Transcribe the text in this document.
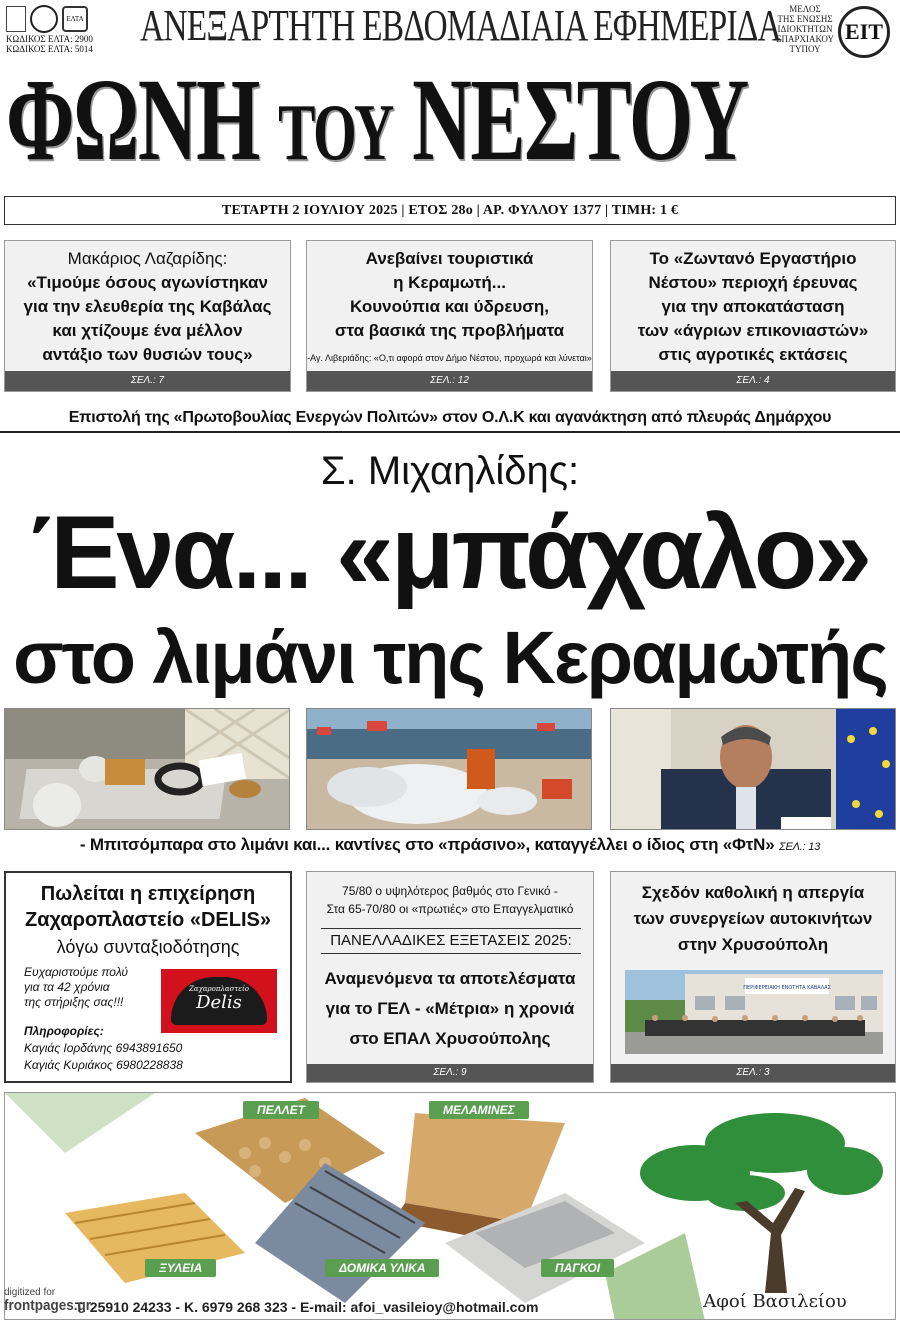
ΕΛΤΑ
ΚΩΔΙΚΟΣ ΕΛΤΑ: 2900
ΚΩΔΙΚΟΣ ΕΛΤΑ: 5014	ΑΝΕΞΑΡΤΗΤΗ ΕΒΔΟΜΑΔΙΑΙΑ ΕΦΗΜΕΡΙΔΑ ΜΕΛΟΣ
ΤΗΣ ΕΝΩΣΗΣ
ΙΔΙΟΚΤΗΤΩΝ
ΕΠΑΡΧΙΑΚΟΥ
ΤΥΠΟΥ
ΕΙΤ
ΦΩΝΗ ΤΟΥ ΝΕΣΤΟΥ
ΤΕΤΑΡΤΗ 2 ΙΟΥΛΙΟΥ 2025 | ΕΤΟΣ 28ο | ΑΡ. ΦΥΛΛΟΥ 1377 | ΤΙΜΗ: 1 €
Μακάριος Λαζαρίδης:
«Τιμούμε όσους αγωνίστηκαν
για την ελευθερία της Καβάλας
και χτίζουμε ένα μέλλον
αντάξιο των θυσιών τους»
ΣΕΛ.: 7
Ανεβαίνει τουριστικά
η Κεραμωτή...
Κουνούπια και ύδρευση,
στα βασικά της προβλήματα
-Αγ. Λιβεριάδης: «Ο,τι αφορά στον Δήμο Νέστου, προχωρά και λύνεται»
ΣΕΛ.: 12
Το «Ζωντανό Εργαστήριο
Νέστου» περιοχή έρευνας
για την αποκατάσταση
των «άγριων επικονιαστών»
στις αγροτικές εκτάσεις
ΣΕΛ.: 4
Επιστολή της «Πρωτοβουλίας Ενεργών Πολιτών» στον Ο.Λ.Κ και αγανάκτηση από πλευράς Δημάρχου
Σ. Μιχαηλίδης:
Ένα... «μπάχαλο»
στο λιμάνι της Κεραμωτής
- Μπιτσόμπαρα στο λιμάνι και... καντίνες στο «πράσινο», καταγγέλλει ο ίδιος στη «ΦτΝ» ΣΕΛ.: 13
Πωλείται η επιχείρηση
Ζαχαροπλαστείο «DELIS»
λόγω συνταξιοδότησης
Ευχαριστούμε πολύ
για τα 42 χρόνια
της στήριξης σας!!!
Ζαχαροπλαστείο
Delis
Πληροφορίες:
Καγιάς Ιορδάνης 6943891650
Καγιάς Κυριάκος 6980228838
75/80 ο υψηλότερος βαθμός στο Γενικό -
Στα 65-70/80 οι «πρωτιές» στο Επαγγελματικό
ΠΑΝΕΛΛΑΔΙΚΕΣ ΕΞΕΤΑΣΕΙΣ 2025:
Αναμενόμενα τα αποτελέσματα
για το ΓΕΛ - «Μέτρια» η χρονιά
στο ΕΠΑΛ Χρυσούπολης
ΣΕΛ.: 9
Σχεδόν καθολική η απεργία
των συνεργείων αυτοκινήτων
στην Χρυσούπολη
ΠΕΡΙΦΕΡΕΙΑΚΗ ΕΝΟΤΗΤΑ ΚΑΒΑΛΑΣ
ΣΕΛ.: 3
ΠΕΛΛΕΤ	ΜΕΛΑΜΙΝΕΣ
ΞΥΛΕΙΑ	ΔΟΜΙΚΑ ΥΛΙΚΑ	ΠΑΓΚΟΙ
Τ. 25910 24233 - Κ. 6979 268 323 - E-mail: afoi_vasileioy@hotmail.com	Αφοί Βασιλείου
digitized for
frontpages.gr
